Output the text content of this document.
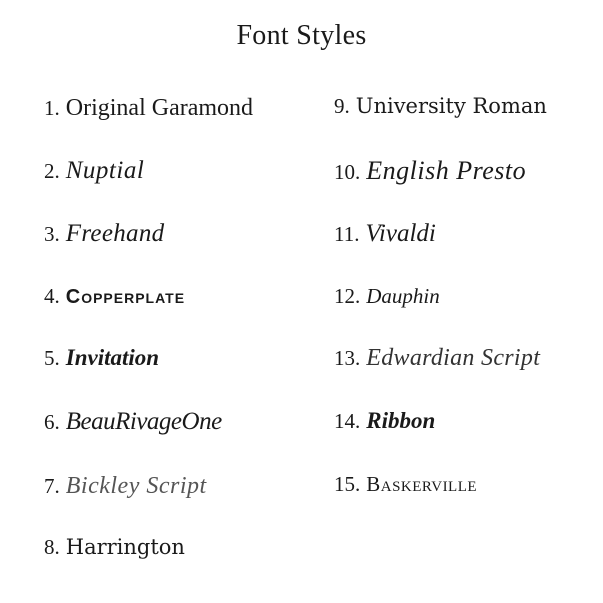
Font Styles
1. Original Garamond
2. Nuptial
3. Freehand
4. Copperplate
5. Invitation
6. BeauRivageOne
7. Bickley Script
8. Harrington
9. University Roman
10. English Presto
11. Vivaldi
12. Dauphin
13. Edwardian Script
14. Ribbon
15. Baskerville
